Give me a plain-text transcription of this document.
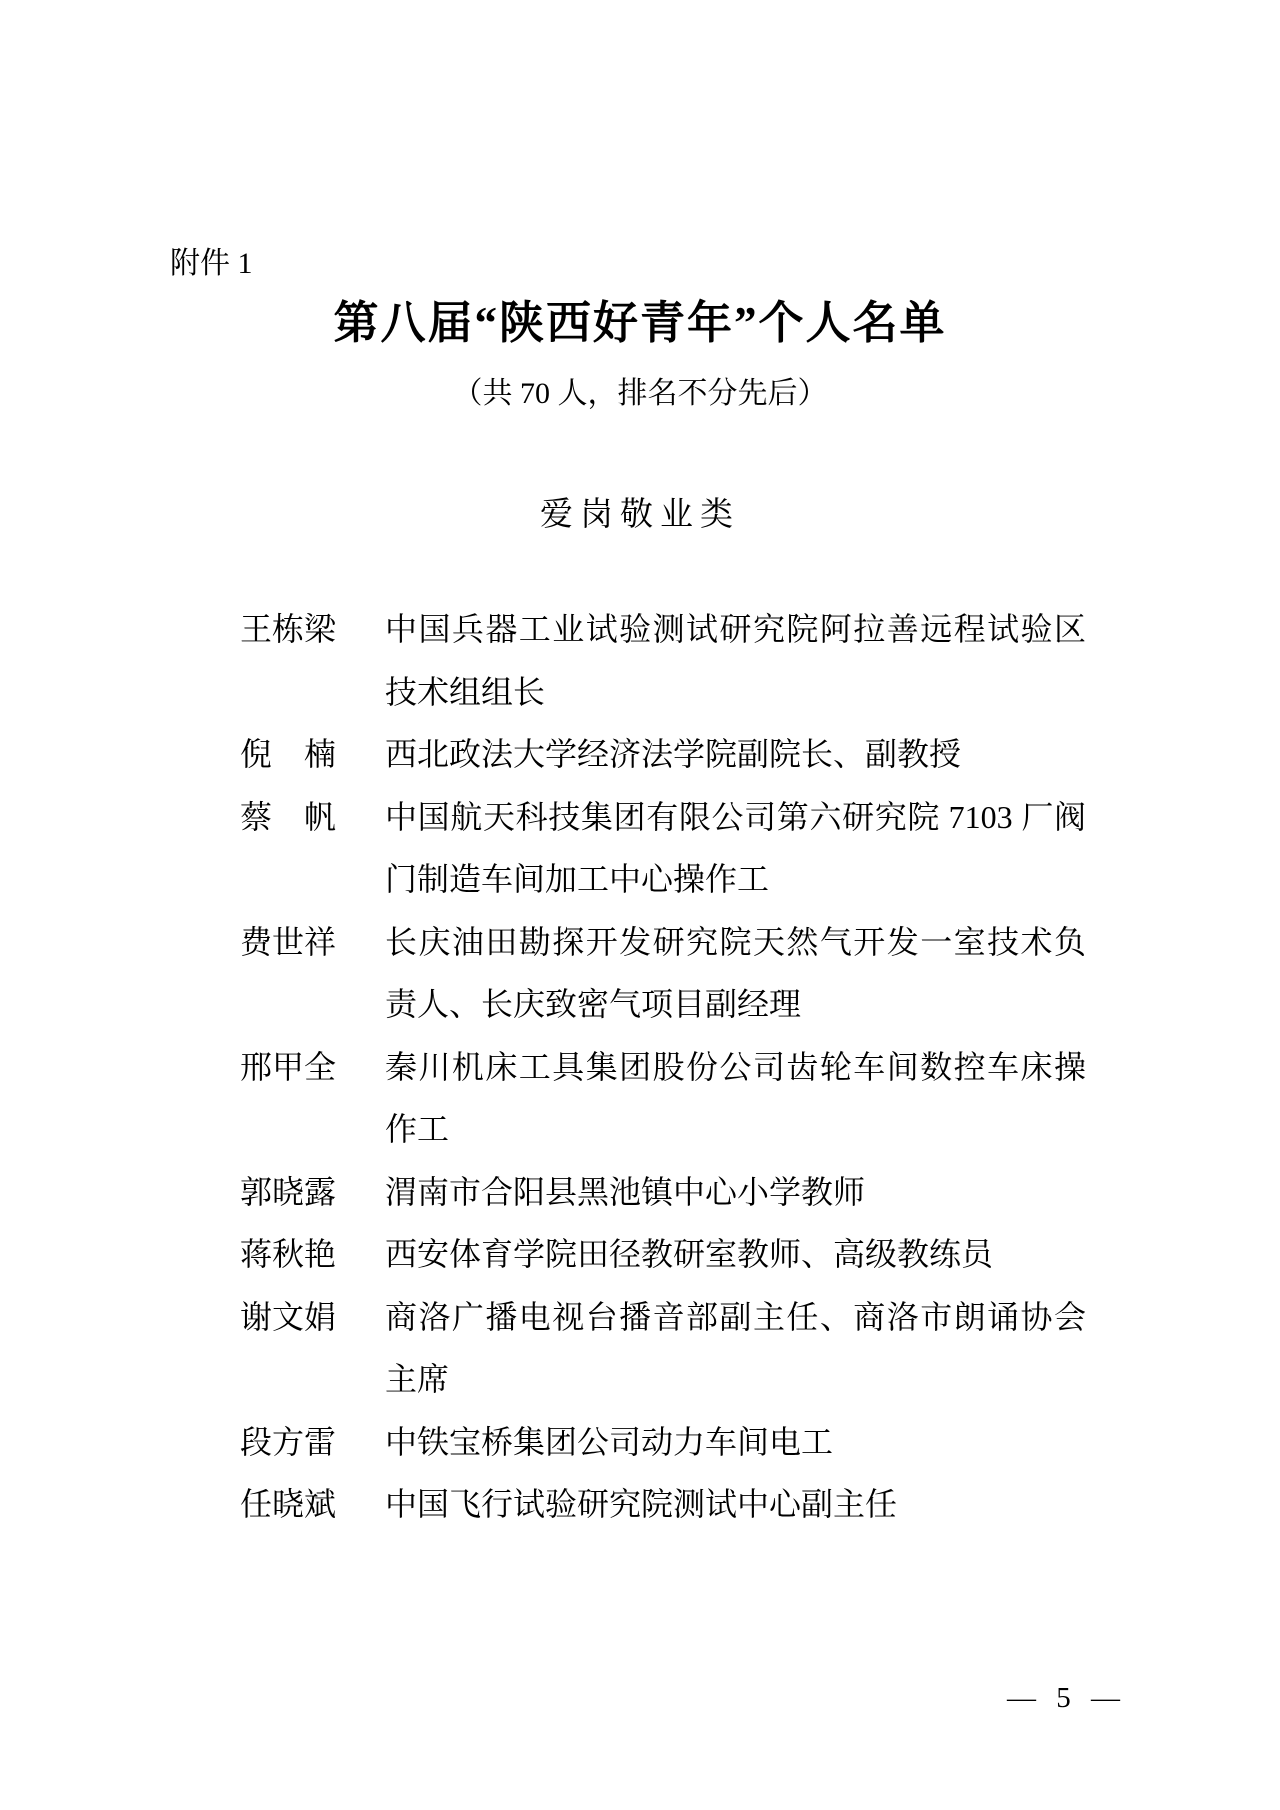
附件 1
第八届“陕西好青年”个人名单
（共 70 人，排名不分先后）
爱岗敬业类
王栋梁 中国兵器工业试验测试研究院阿拉善远程试验区技术组组长
倪　楠 西北政法大学经济法学院副院长、副教授
蔡　帆 中国航天科技集团有限公司第六研究院 7103 厂阀门制造车间加工中心操作工
费世祥 长庆油田勘探开发研究院天然气开发一室技术负责人、长庆致密气项目副经理
邢甲全 秦川机床工具集团股份公司齿轮车间数控车床操作工
郭晓露 渭南市合阳县黑池镇中心小学教师
蒋秋艳 西安体育学院田径教研室教师、高级教练员
谢文娟 商洛广播电视台播音部副主任、商洛市朗诵协会主席
段方雷 中铁宝桥集团公司动力车间电工
任晓斌 中国飞行试验研究院测试中心副主任
— 5 —
